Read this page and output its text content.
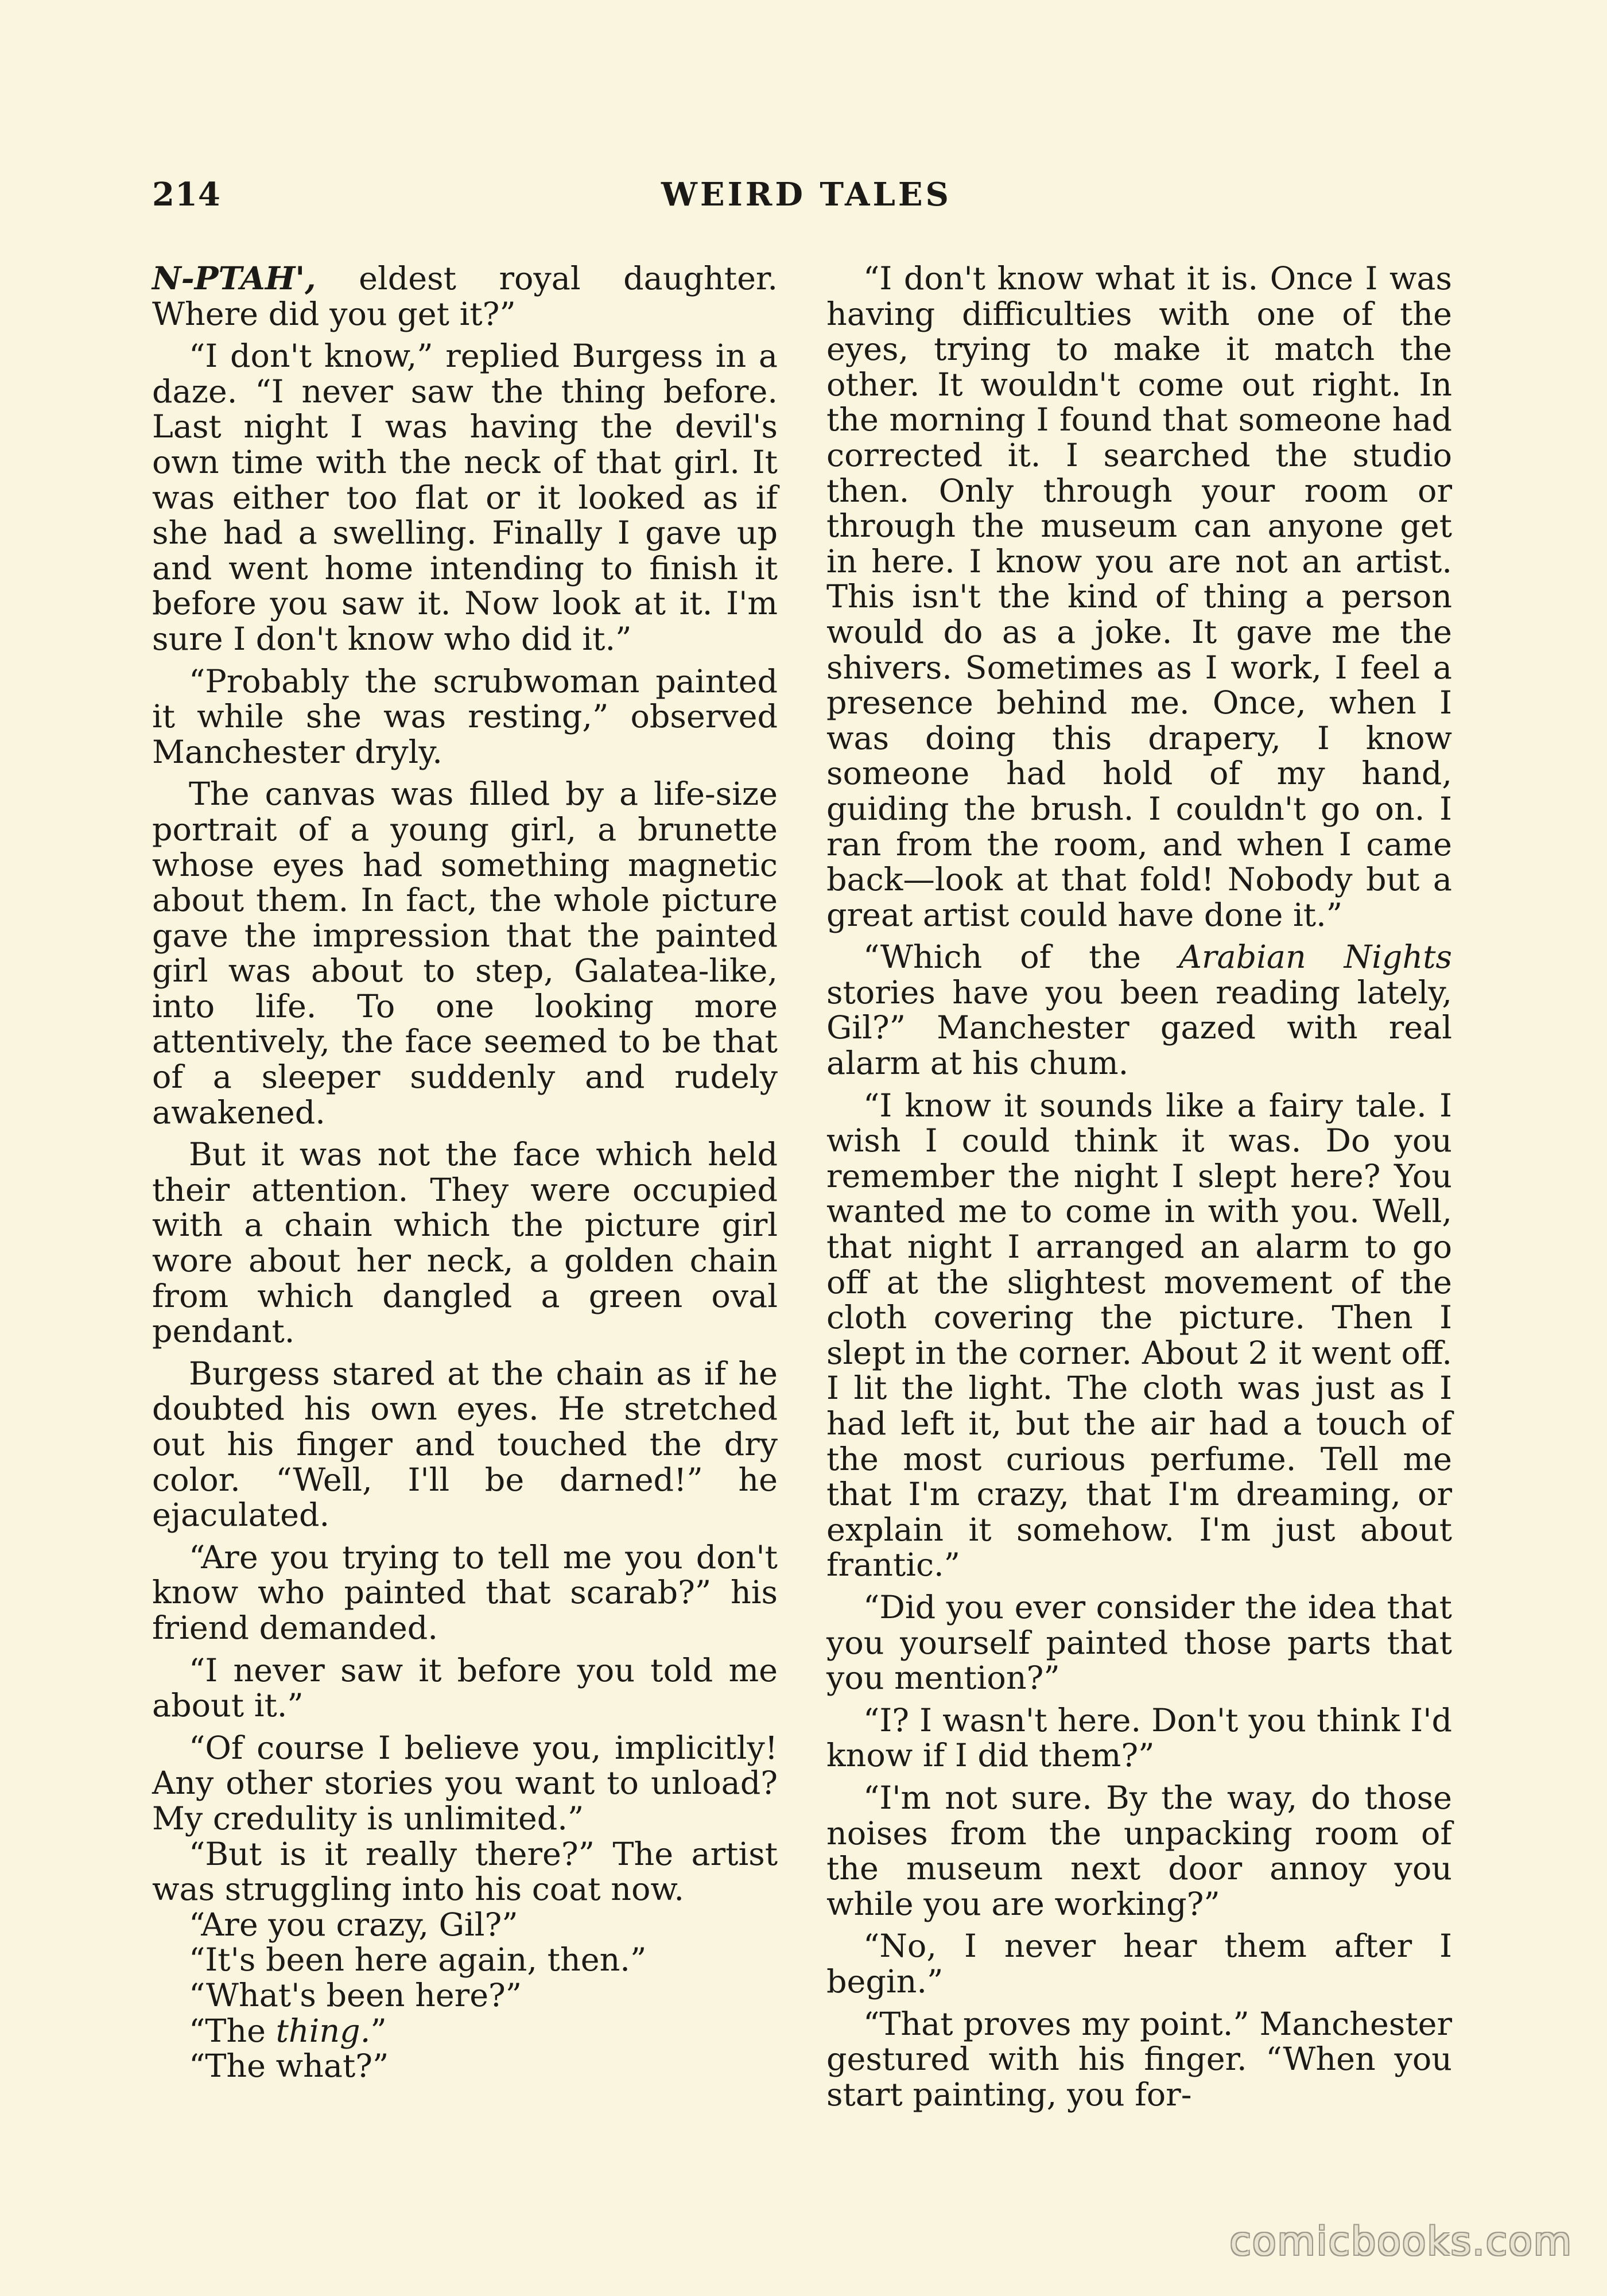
214	WEIRD TALES

N-PTAH', eldest royal daughter. Where did you get it?”

“I don't know,” replied Burgess in a daze. “I never saw the thing before. Last night I was having the devil's own time with the neck of that girl. It was either too flat or it looked as if she had a swelling. Finally I gave up and went home intending to finish it before you saw it. Now look at it. I'm sure I don't know who did it.”

“Probably the scrubwoman painted it while she was resting,” observed Manchester dryly.

The canvas was filled by a life-size portrait of a young girl, a brunette whose eyes had something magnetic about them. In fact, the whole picture gave the impression that the painted girl was about to step, Galatea-like, into life. To one looking more attentively, the face seemed to be that of a sleeper suddenly and rudely awakened.

But it was not the face which held their attention. They were occupied with a chain which the picture girl wore about her neck, a golden chain from which dangled a green oval pendant.

Burgess stared at the chain as if he doubted his own eyes. He stretched out his finger and touched the dry color. “Well, I'll be darned!” he ejaculated.

“Are you trying to tell me you don't know who painted that scarab?” his friend demanded.

“I never saw it before you told me about it.”

“Of course I believe you, implicitly! Any other stories you want to unload? My credulity is unlimited.”

“But is it really there?” The artist was struggling into his coat now.

“Are you crazy, Gil?”

“It's been here again, then.”

“What's been here?”

“The thing.”

“The what?”

“I don't know what it is. Once I was having difficulties with one of the eyes, trying to make it match the other. It wouldn't come out right. In the morning I found that someone had corrected it. I searched the studio then. Only through your room or through the museum can anyone get in here. I know you are not an artist. This isn't the kind of thing a person would do as a joke. It gave me the shivers. Sometimes as I work, I feel a presence behind me. Once, when I was doing this drapery, I know someone had hold of my hand, guiding the brush. I couldn't go on. I ran from the room, and when I came back—look at that fold! Nobody but a great artist could have done it.”

“Which of the Arabian Nights stories have you been reading lately, Gil?” Manchester gazed with real alarm at his chum.

“I know it sounds like a fairy tale. I wish I could think it was. Do you remember the night I slept here? You wanted me to come in with you. Well, that night I arranged an alarm to go off at the slightest movement of the cloth covering the picture. Then I slept in the corner. About 2 it went off. I lit the light. The cloth was just as I had left it, but the air had a touch of the most curious perfume. Tell me that I'm crazy, that I'm dreaming, or explain it somehow. I'm just about frantic.”

“Did you ever consider the idea that you yourself painted those parts that you mention?”

“I? I wasn't here. Don't you think I'd know if I did them?”

“I'm not sure. By the way, do those noises from the unpacking room of the museum next door annoy you while you are working?”

“No, I never hear them after I begin.”

“That proves my point.” Manchester gestured with his finger. “When you start painting, you for-

comicbooks.com
